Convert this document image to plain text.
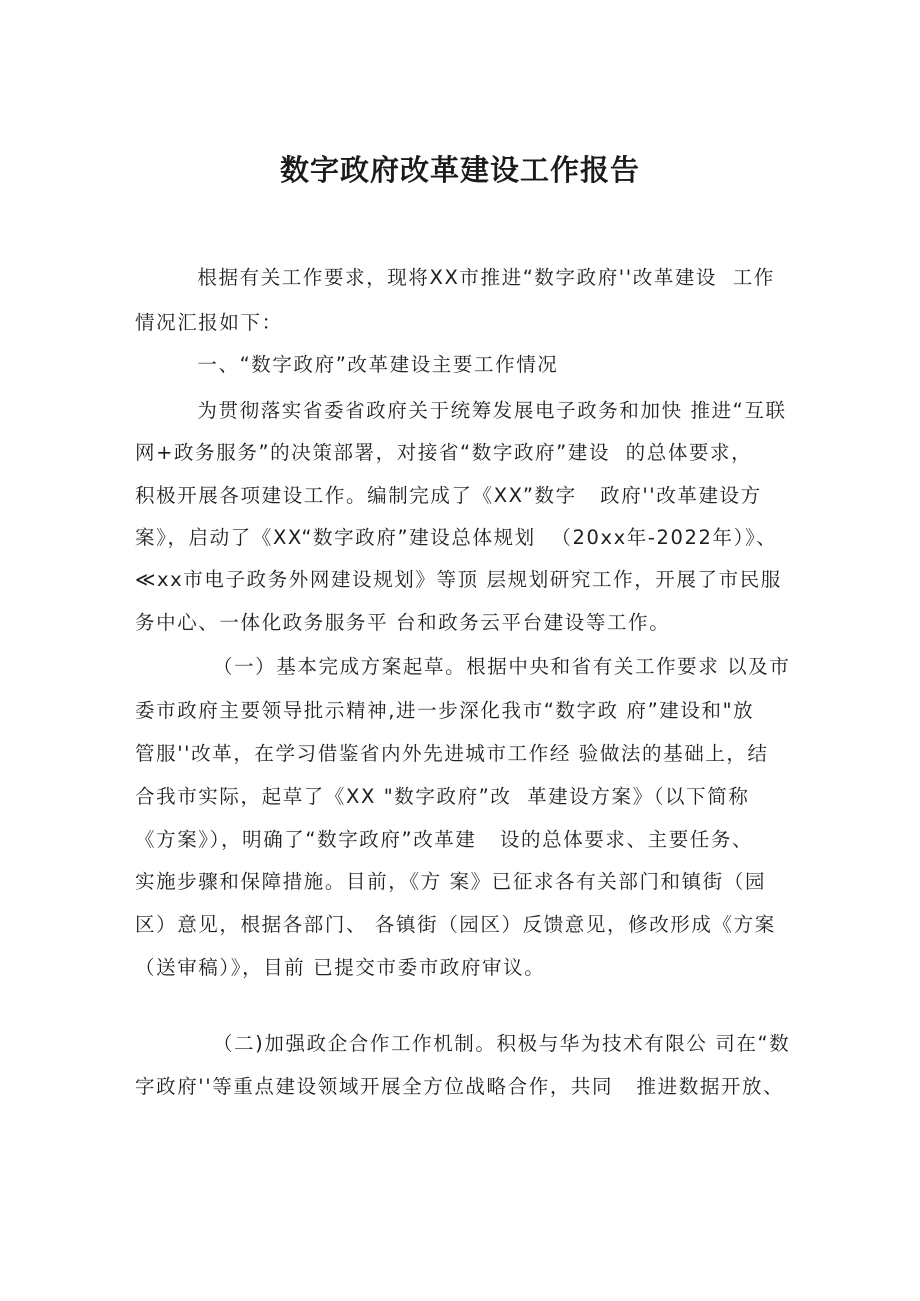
数字政府改革建设工作报告

根据有关工作要求，现将XX市推进“数字政府''改革建设  工作

情况汇报如下：

一、“数字政府”改革建设主要工作情况

为贯彻落实省委省政府关于统筹发展电子政务和加快 推进“互联

网+政务服务”的决策部署，对接省“数字政府”建设  的总体要求，

积极开展各项建设工作。编制完成了《XX”数字   政府''改革建设方

案》，启动了《XX“数字政府”建设总体规划  （20xx年-2022年）》、

≪xx市电子政务外网建设规划》等顶 层规划研究工作，开展了市民服

务中心、一体化政务服务平 台和政务云平台建设等工作。

（一）基本完成方案起草。根据中央和省有关工作要求 以及市

委市政府主要领导批示精神,进一步深化我市“数字政 府”建设和"放

管服''改革，在学习借鉴省内外先进城市工作经 验做法的基础上，结

合我市实际，起草了《XX "数字政府”改  革建设方案》（以下简称

《方案》），明确了“数字政府”改革建   设的总体要求、主要任务、

实施步骤和保障措施。目前，《方 案》已征求各有关部门和镇街（园

区）意见，根据各部门、 各镇街（园区）反馈意见，修改形成《方案

（送审稿）》，目前 已提交市委市政府审议。

（二)加强政企合作工作机制。积极与华为技术有限公 司在“数

字政府''等重点建设领域开展全方位战略合作，共同   推进数据开放、
